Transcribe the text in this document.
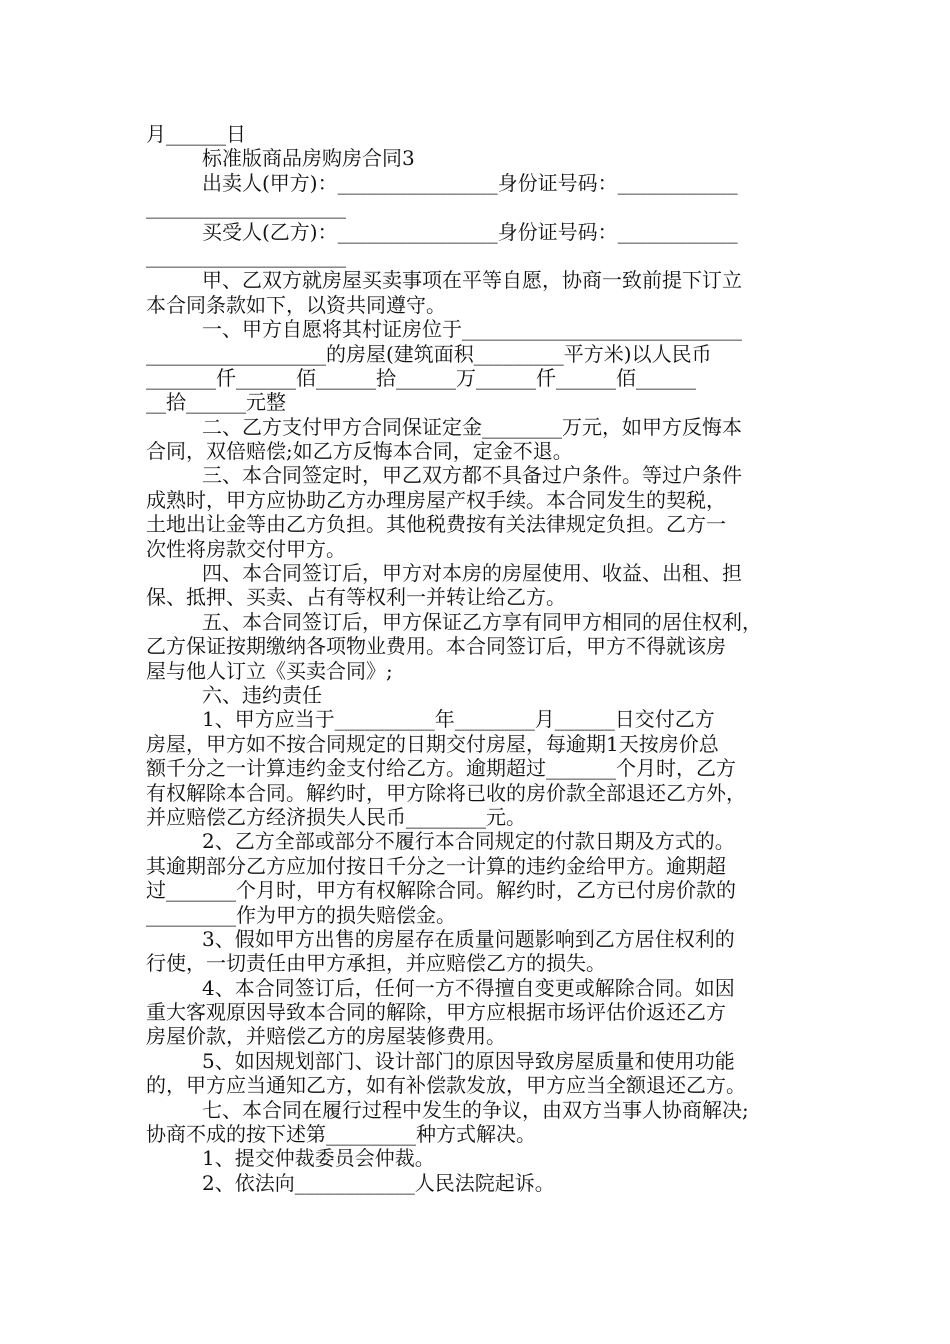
月______日
标准版商品房购房合同3
出卖人(甲方)：________________身份证号码：____________
____________________
买受人(乙方)：________________身份证号码：____________
____________________
甲、乙双方就房屋买卖事项在平等自愿，协商一致前提下订立
本合同条款如下，以资共同遵守。
一、甲方自愿将其村证房位于____________________________
__________________的房屋(建筑面积_________平方米)以人民币
_______仟______佰______拾______万______仟______佰______
__拾______元整
二、乙方支付甲方合同保证定金________万元，如甲方反悔本
合同，双倍赔偿;如乙方反悔本合同，定金不退。
三、本合同签定时，甲乙双方都不具备过户条件。等过户条件
成熟时，甲方应协助乙方办理房屋产权手续。本合同发生的契税，
土地出让金等由乙方负担。其他税费按有关法律规定负担。乙方一
次性将房款交付甲方。
四、本合同签订后，甲方对本房的房屋使用、收益、出租、担
保、抵押、买卖、占有等权利一并转让给乙方。
五、本合同签订后，甲方保证乙方享有同甲方相同的居住权利，
乙方保证按期缴纳各项物业费用。本合同签订后，甲方不得就该房
屋与他人订立《买卖合同》;
六、违约责任
1、甲方应当于__________年________月______日交付乙方
房屋，甲方如不按合同规定的日期交付房屋，每逾期1天按房价总
额千分之一计算违约金支付给乙方。逾期超过_______个月时，乙方
有权解除本合同。解约时，甲方除将已收的房价款全部退还乙方外，
并应赔偿乙方经济损失人民币________元。
2、乙方全部或部分不履行本合同规定的付款日期及方式的。
其逾期部分乙方应加付按日千分之一计算的违约金给甲方。逾期超
过_______个月时，甲方有权解除合同。解约时，乙方已付房价款的
_________作为甲方的损失赔偿金。
3、假如甲方出售的房屋存在质量问题影响到乙方居住权利的
行使，一切责任由甲方承担，并应赔偿乙方的损失。
4、本合同签订后，任何一方不得擅自变更或解除合同。如因
重大客观原因导致本合同的解除，甲方应根据市场评估价返还乙方
房屋价款，并赔偿乙方的房屋装修费用。
5、如因规划部门、设计部门的原因导致房屋质量和使用功能
的，甲方应当通知乙方，如有补偿款发放，甲方应当全额退还乙方。
七、本合同在履行过程中发生的争议，由双方当事人协商解决;
协商不成的按下述第_________种方式解决。
1、提交仲裁委员会仲裁。
2、依法向____________人民法院起诉。
